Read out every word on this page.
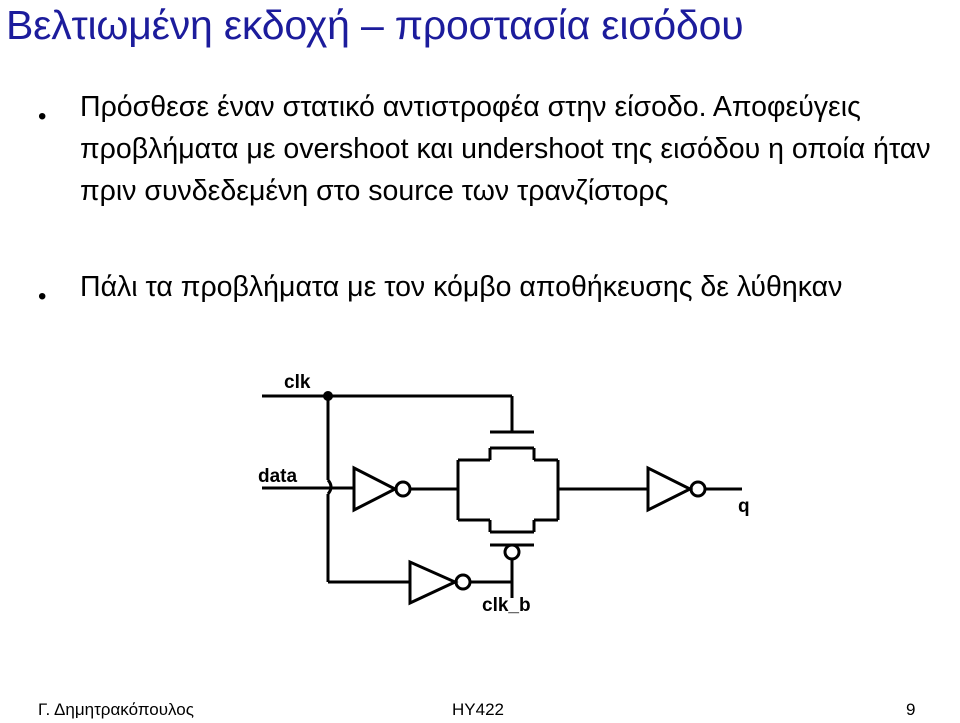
Βελτιωμένη εκδοχή – προστασία εισόδου
• Πρόσθεσε έναν στατικό αντιστροφέα στην είσοδο. Αποφεύγεις προβλήματα με overshoot και undershoot της εισόδου η οποία ήταν πριν συνδεδεμένη στο source των τρανζίστορς
• Πάλι τα προβλήματα με τον κόμβο αποθήκευσης δε λύθηκαν
clk
data
q
clk_b
Γ. Δημητρακόπουλος	ΗΥ422	9
